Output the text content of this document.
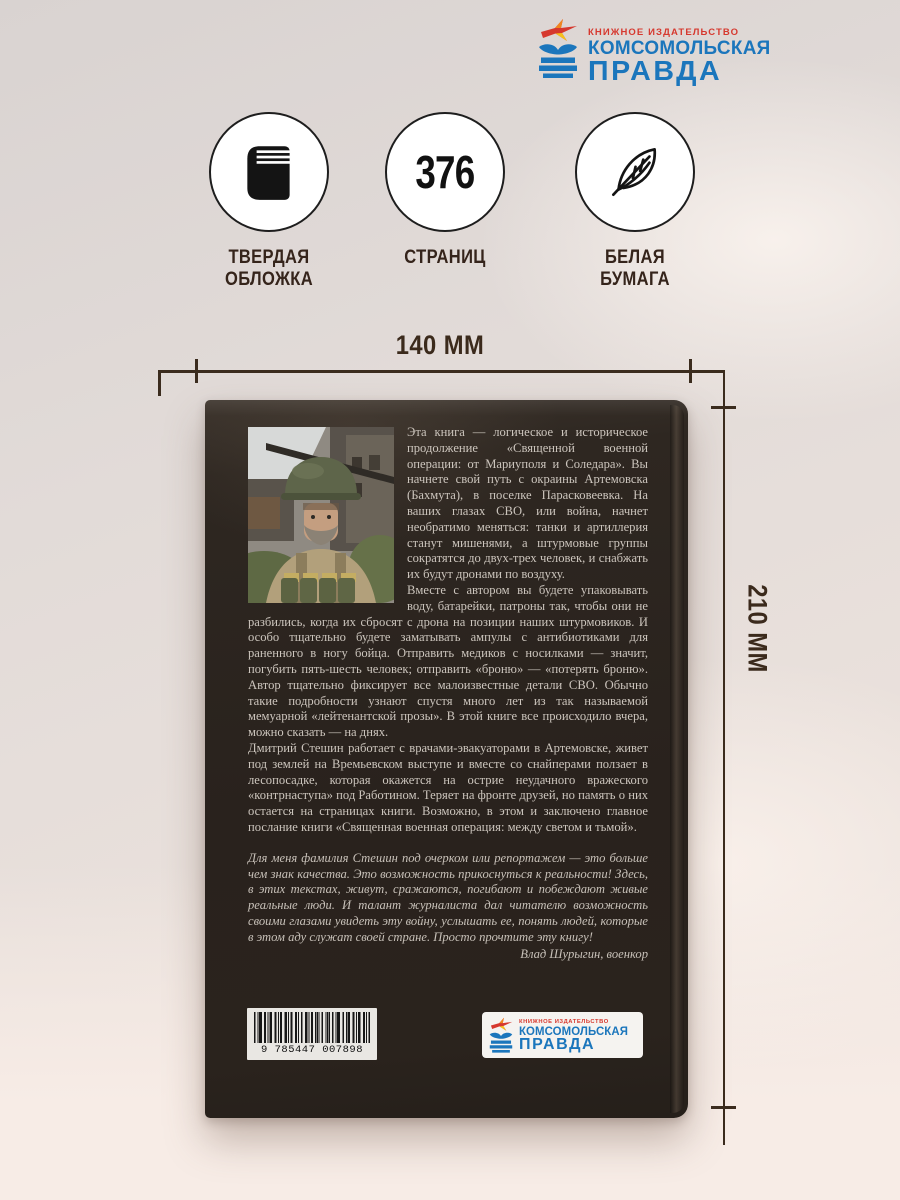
КНИЖНОЕ ИЗДАТЕЛЬСТВО
КОМСОМОЛЬСКАЯ
ПРАВДА
376
ТВЕРДАЯ
ОБЛОЖКА
СТРАНИЦ	БЕЛАЯ
БУМАГА
140 ММ
210 ММ

Эта книга — логическое и историческое продолжение «Священной военной операции: от Мариуполя и Соледара». Вы начнете свой путь с окраины Артемовска (Бахмута), в поселке Парасковеевка. На ваших глазах СВО, или война, начнет необратимо меняться: танки и артиллерия станут мишенями, а штурмовые группы сократятся до двух-трех человек, и снабжать их будут дронами по воздуху.

Вместе с автором вы будете упаковывать воду, батарейки, патроны так, чтобы они не разбились, когда их сбросят с дрона на позиции наших штурмовиков. И особо тщательно будете заматывать ампулы с антибиотиками для раненного в ногу бойца. Отправить медиков с носилками — значит, погубить пять-шесть человек; отправить «броню» — «потерять броню». Автор тщательно фиксирует все малоизвестные детали СВО. Обычно такие подробности узнают спустя много лет из так называемой мемуарной «лейтенантской прозы». В этой книге все происходило вчера, можно сказать — на днях.

Дмитрий Стешин работает с врачами-эвакуаторами в Артемовске, живет под землей на Времьевском выступе и вместе со снайперами ползает в лесопосадке, которая окажется на острие неудачного вражеского «контрнаступа» под Работином. Теряет на фронте друзей, но память о них остается на страницах книги. Возможно, в этом и заключено главное послание книги «Священная военная операция: между светом и тьмой».

Для меня фамилия Стешин под очерком или репортажем — это больше чем знак качества. Это возможность прикоснуться к реальности! Здесь, в этих текстах, живут, сражаются, погибают и побеждают живые реальные люди. И талант журналиста дал читателю возможность своими глазами увидеть эту войну, услышать ее, понять людей, которые в этом аду служат своей стране. Просто прочтите эту книгу!

Влад Шурыгин, военкор

9 785447 007898
КНИЖНОЕ ИЗДАТЕЛЬСТВО
КОМСОМОЛЬСКАЯ
ПРАВДА
